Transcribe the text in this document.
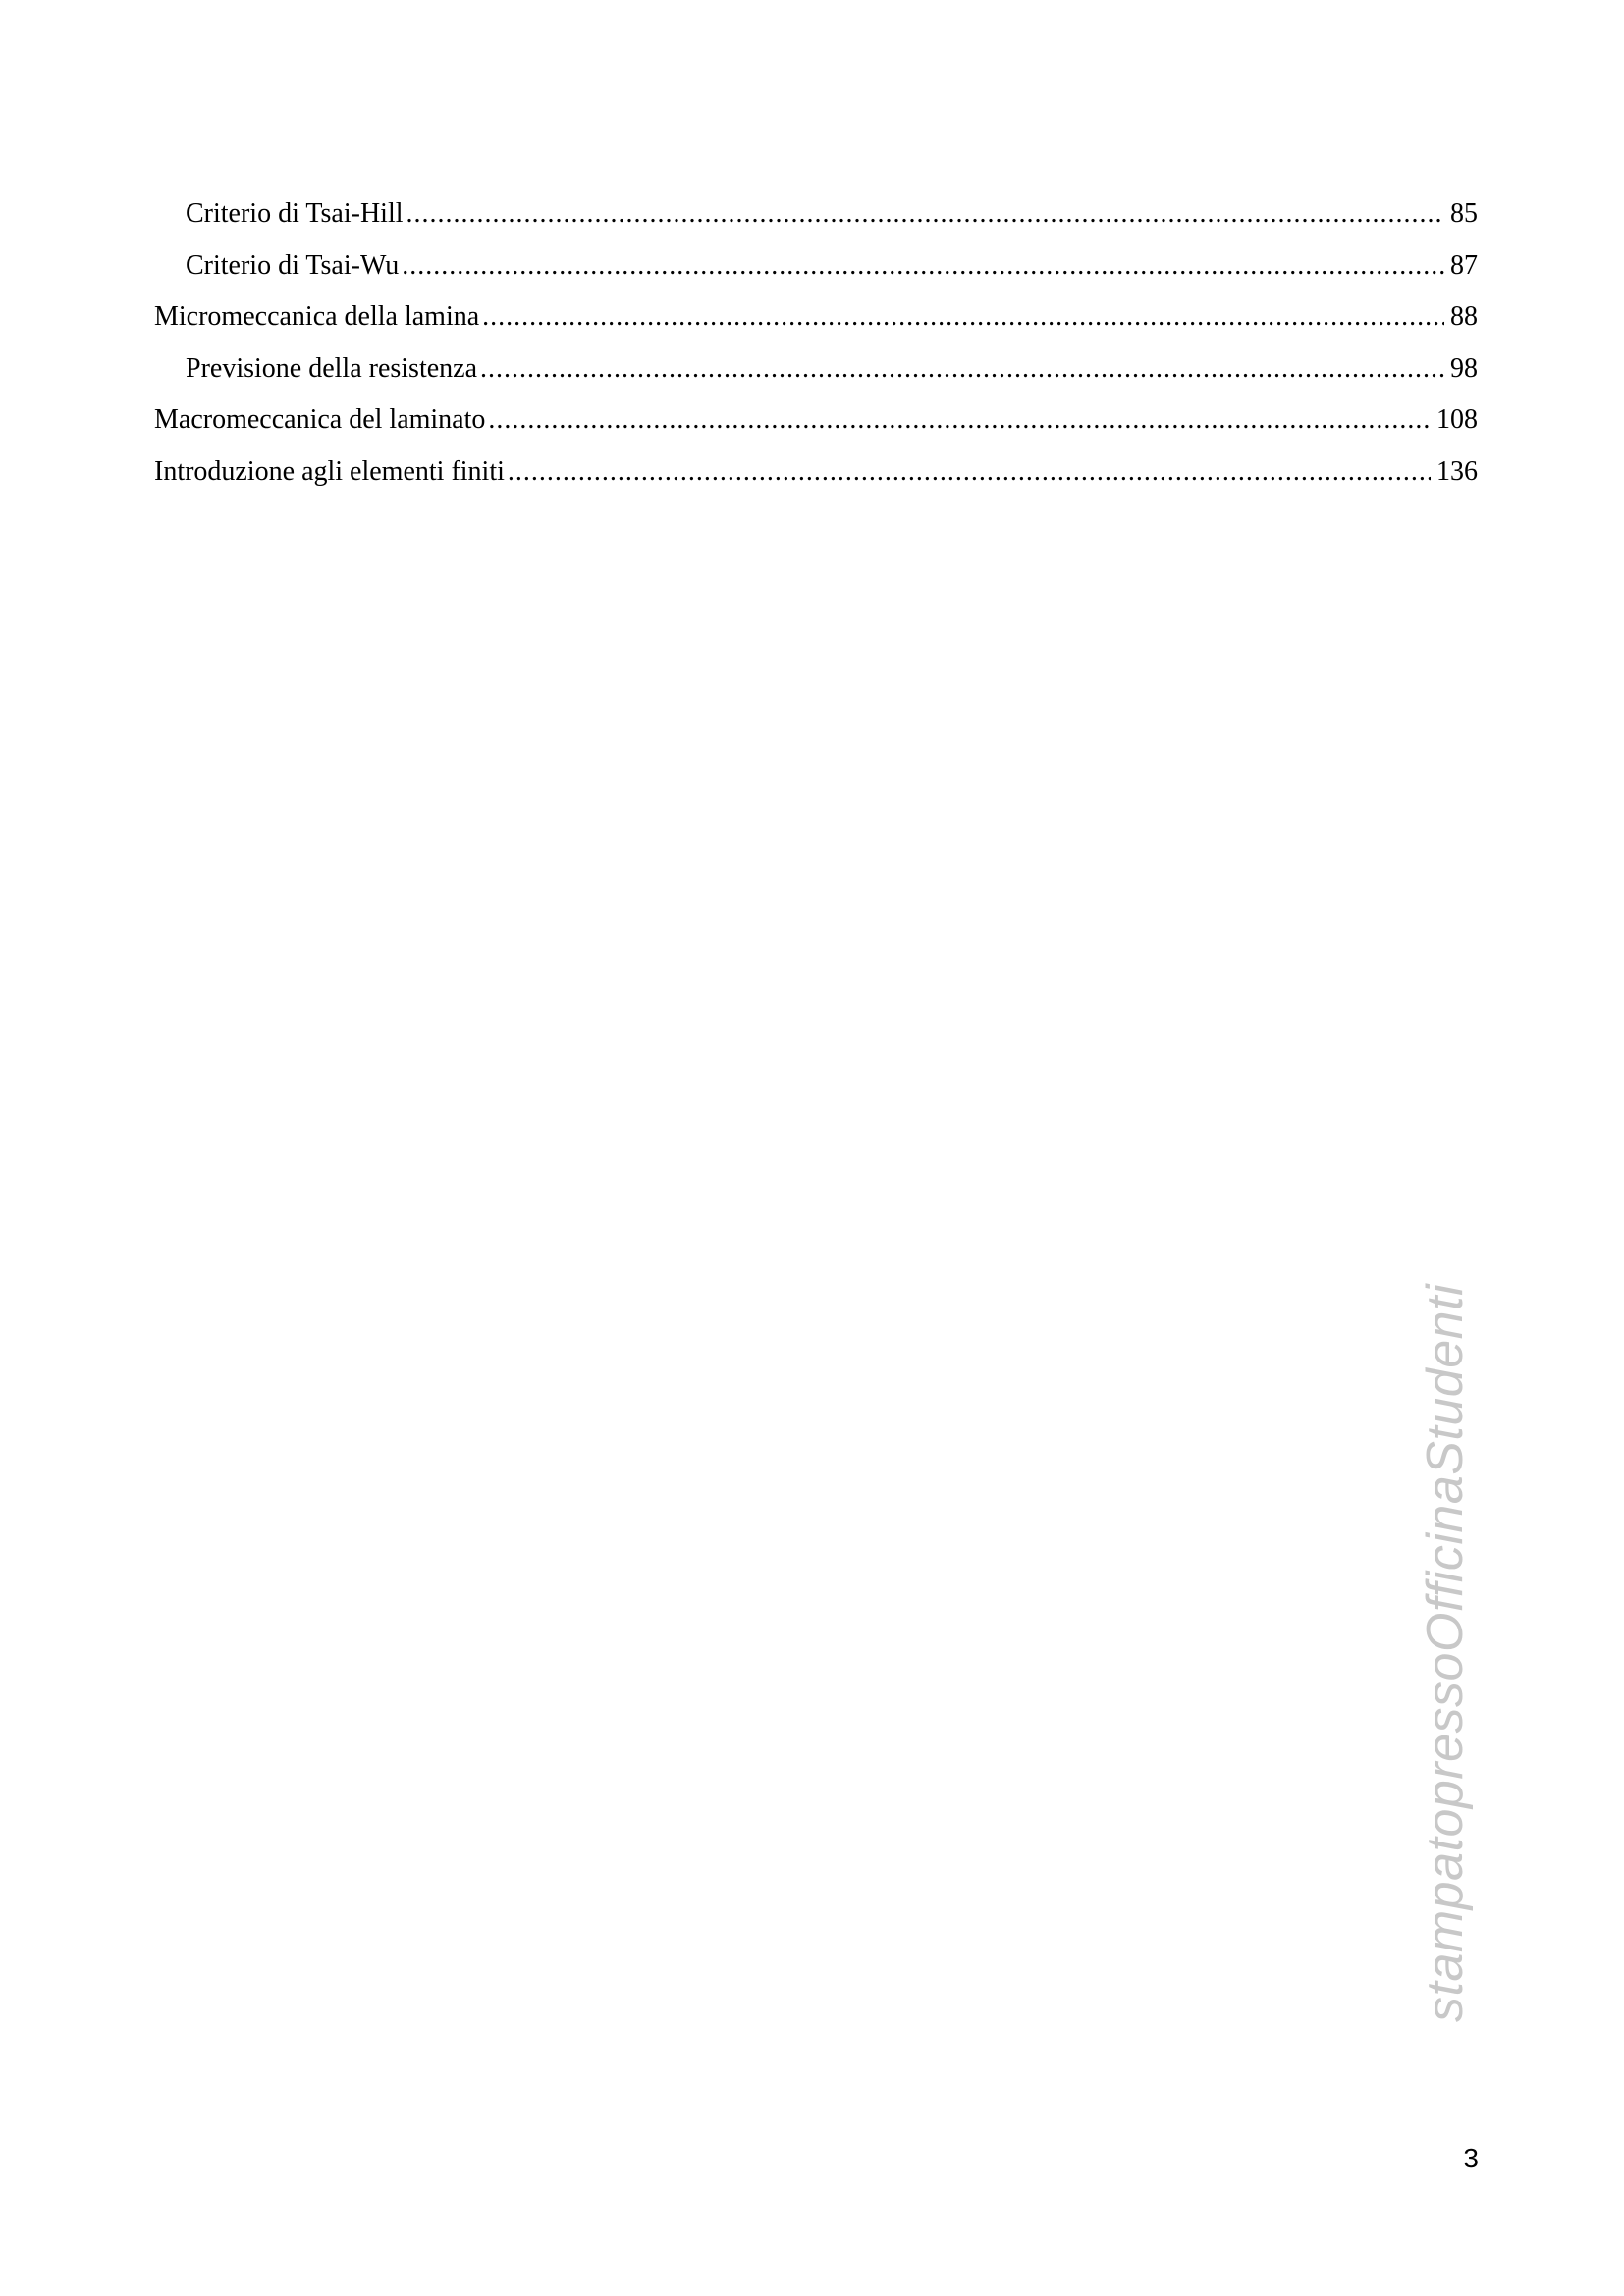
Criterio di Tsai-Hill .....	85
Criterio di Tsai-Wu .....	87
Micromeccanica della lamina .....	88
Previsione della resistenza .....	98
Macromeccanica del laminato .....	108
Introduzione agli elementi finiti .....	136
stampatopressoOfficinaStudenti
3
